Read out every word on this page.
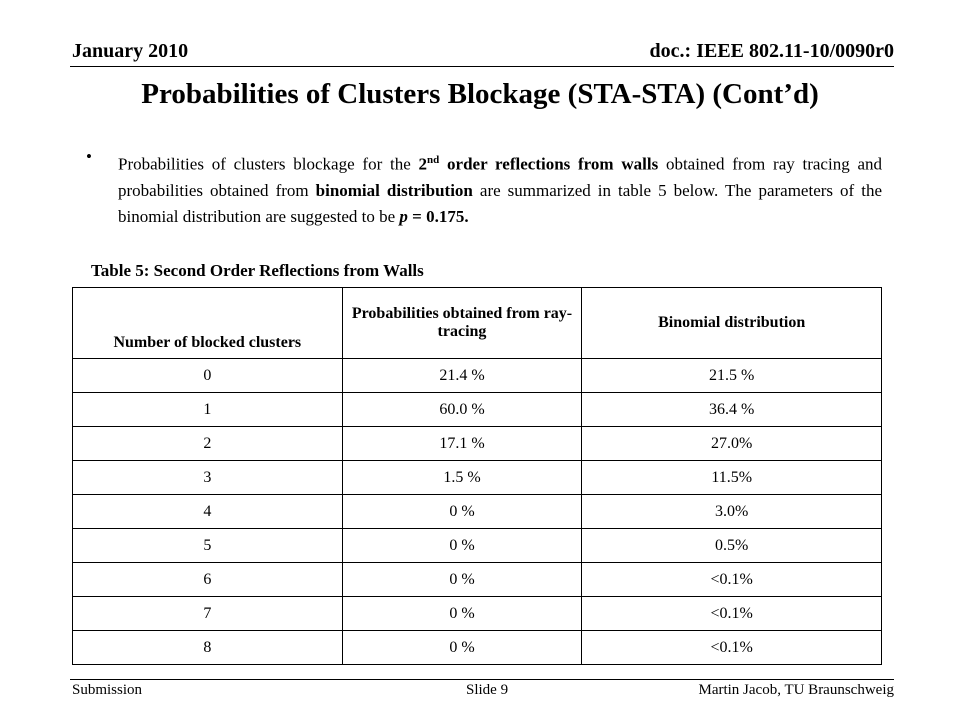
January 2010	doc.: IEEE 802.11-10/0090r0
Probabilities of Clusters Blockage (STA-STA) (Cont’d)
• Probabilities of clusters blockage for the 2nd order reflections from walls obtained from ray tracing and probabilities obtained from binomial distribution are summarized in table 5 below. The parameters of the binomial distribution are suggested to be p = 0.175.
Table 5: Second Order Reflections from Walls
Number of blocked clusters	Probabilities obtained from ray-tracing	Binomial distribution
0	21.4 %	21.5 %
1	60.0 %	36.4 %
2	17.1 %	27.0%
3	1.5 %	11.5%
4	0 %	3.0%
5	0 %	0.5%
6	0 %	<0.1%
7	0 %	<0.1%
8	0 %	<0.1%
Submission	Slide 9	Martin Jacob, TU Braunschweig
